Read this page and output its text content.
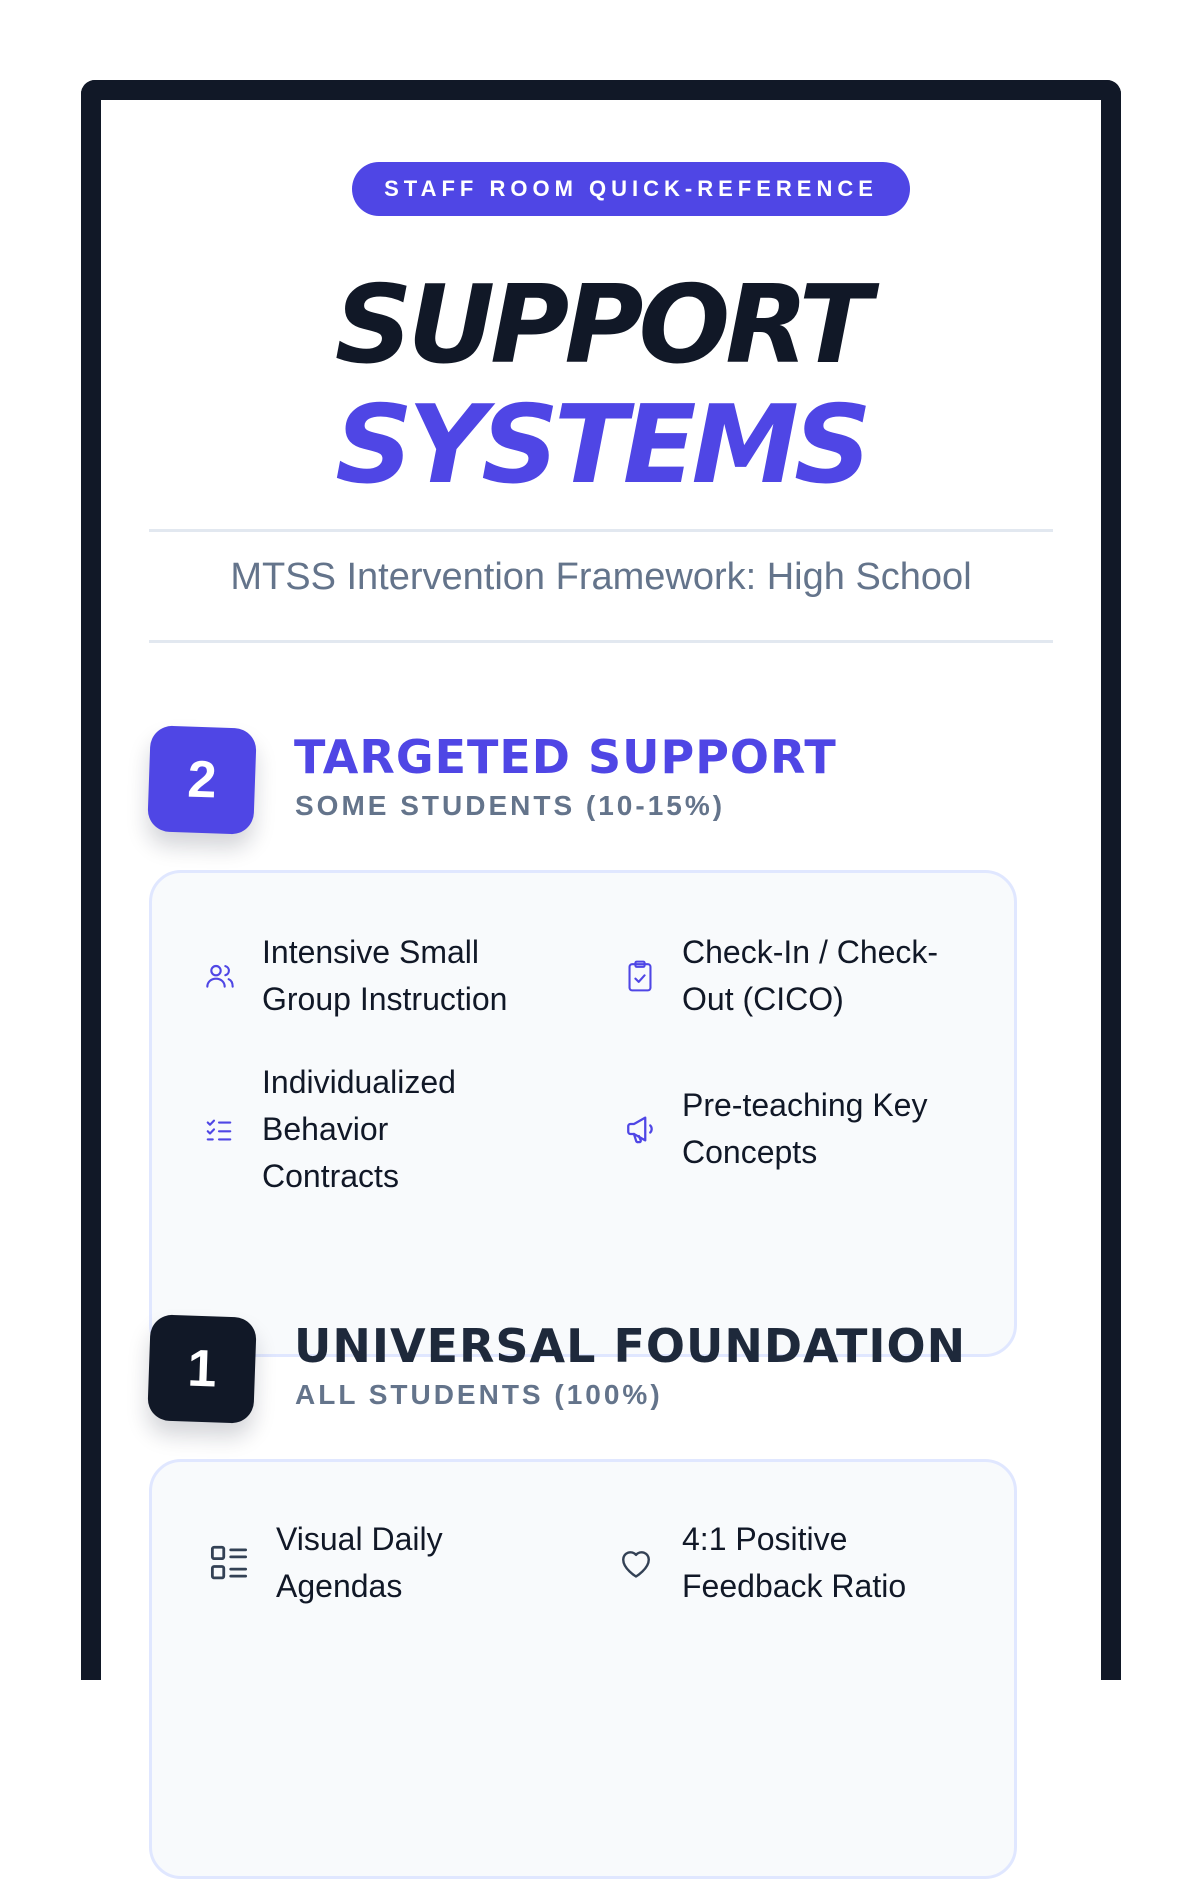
STAFF ROOM QUICK-REFERENCE
SUPPORT
SYSTEMS
MTSS Intervention Framework: High School
2	TARGETED SUPPORT
SOME STUDENTS (10-15%)
Intensive Small Group Instruction
Check-In / Check-Out (CICO)
Individualized Behavior Contracts
Pre-teaching Key Concepts
1	UNIVERSAL FOUNDATION
ALL STUDENTS (100%)
Visual Daily Agendas
4:1 Positive Feedback Ratio
